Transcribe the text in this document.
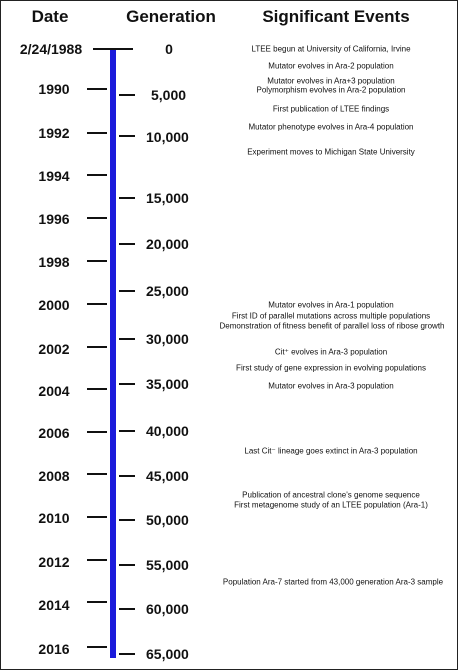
Date	Generation	Significant Events
2/24/1988
1990
1992
1994
1996
1998
2000
2002
2004
2006
2008
2010
2012
2014
2016
0
5,000
10,000
15,000
20,000
25,000
30,000
35,000
40,000
45,000
50,000
55,000
60,000
65,000
LTEE begun at University of California, Irvine
Mutator evolves in Ara-2 population
Mutator evolves in Ara+3 population
Polymorphism evolves in Ara-2 population
First publication of LTEE findings
Mutator phenotype evolves in Ara-4 population
Experiment moves to Michigan State University
Mutator evolves in Ara-1 population
First ID of parallel mutations across multiple populations
Demonstration of fitness benefit of parallel loss of ribose growth
Cit⁺ evolves in Ara-3 population
First study of gene expression in evolving populations
Mutator evolves in Ara-3 population
Last Cit⁻ lineage goes extinct in Ara-3 population
Publication of ancestral clone's genome sequence
First metagenome study of an LTEE population (Ara-1)
Population Ara-7 started from 43,000 generation Ara-3 sample
